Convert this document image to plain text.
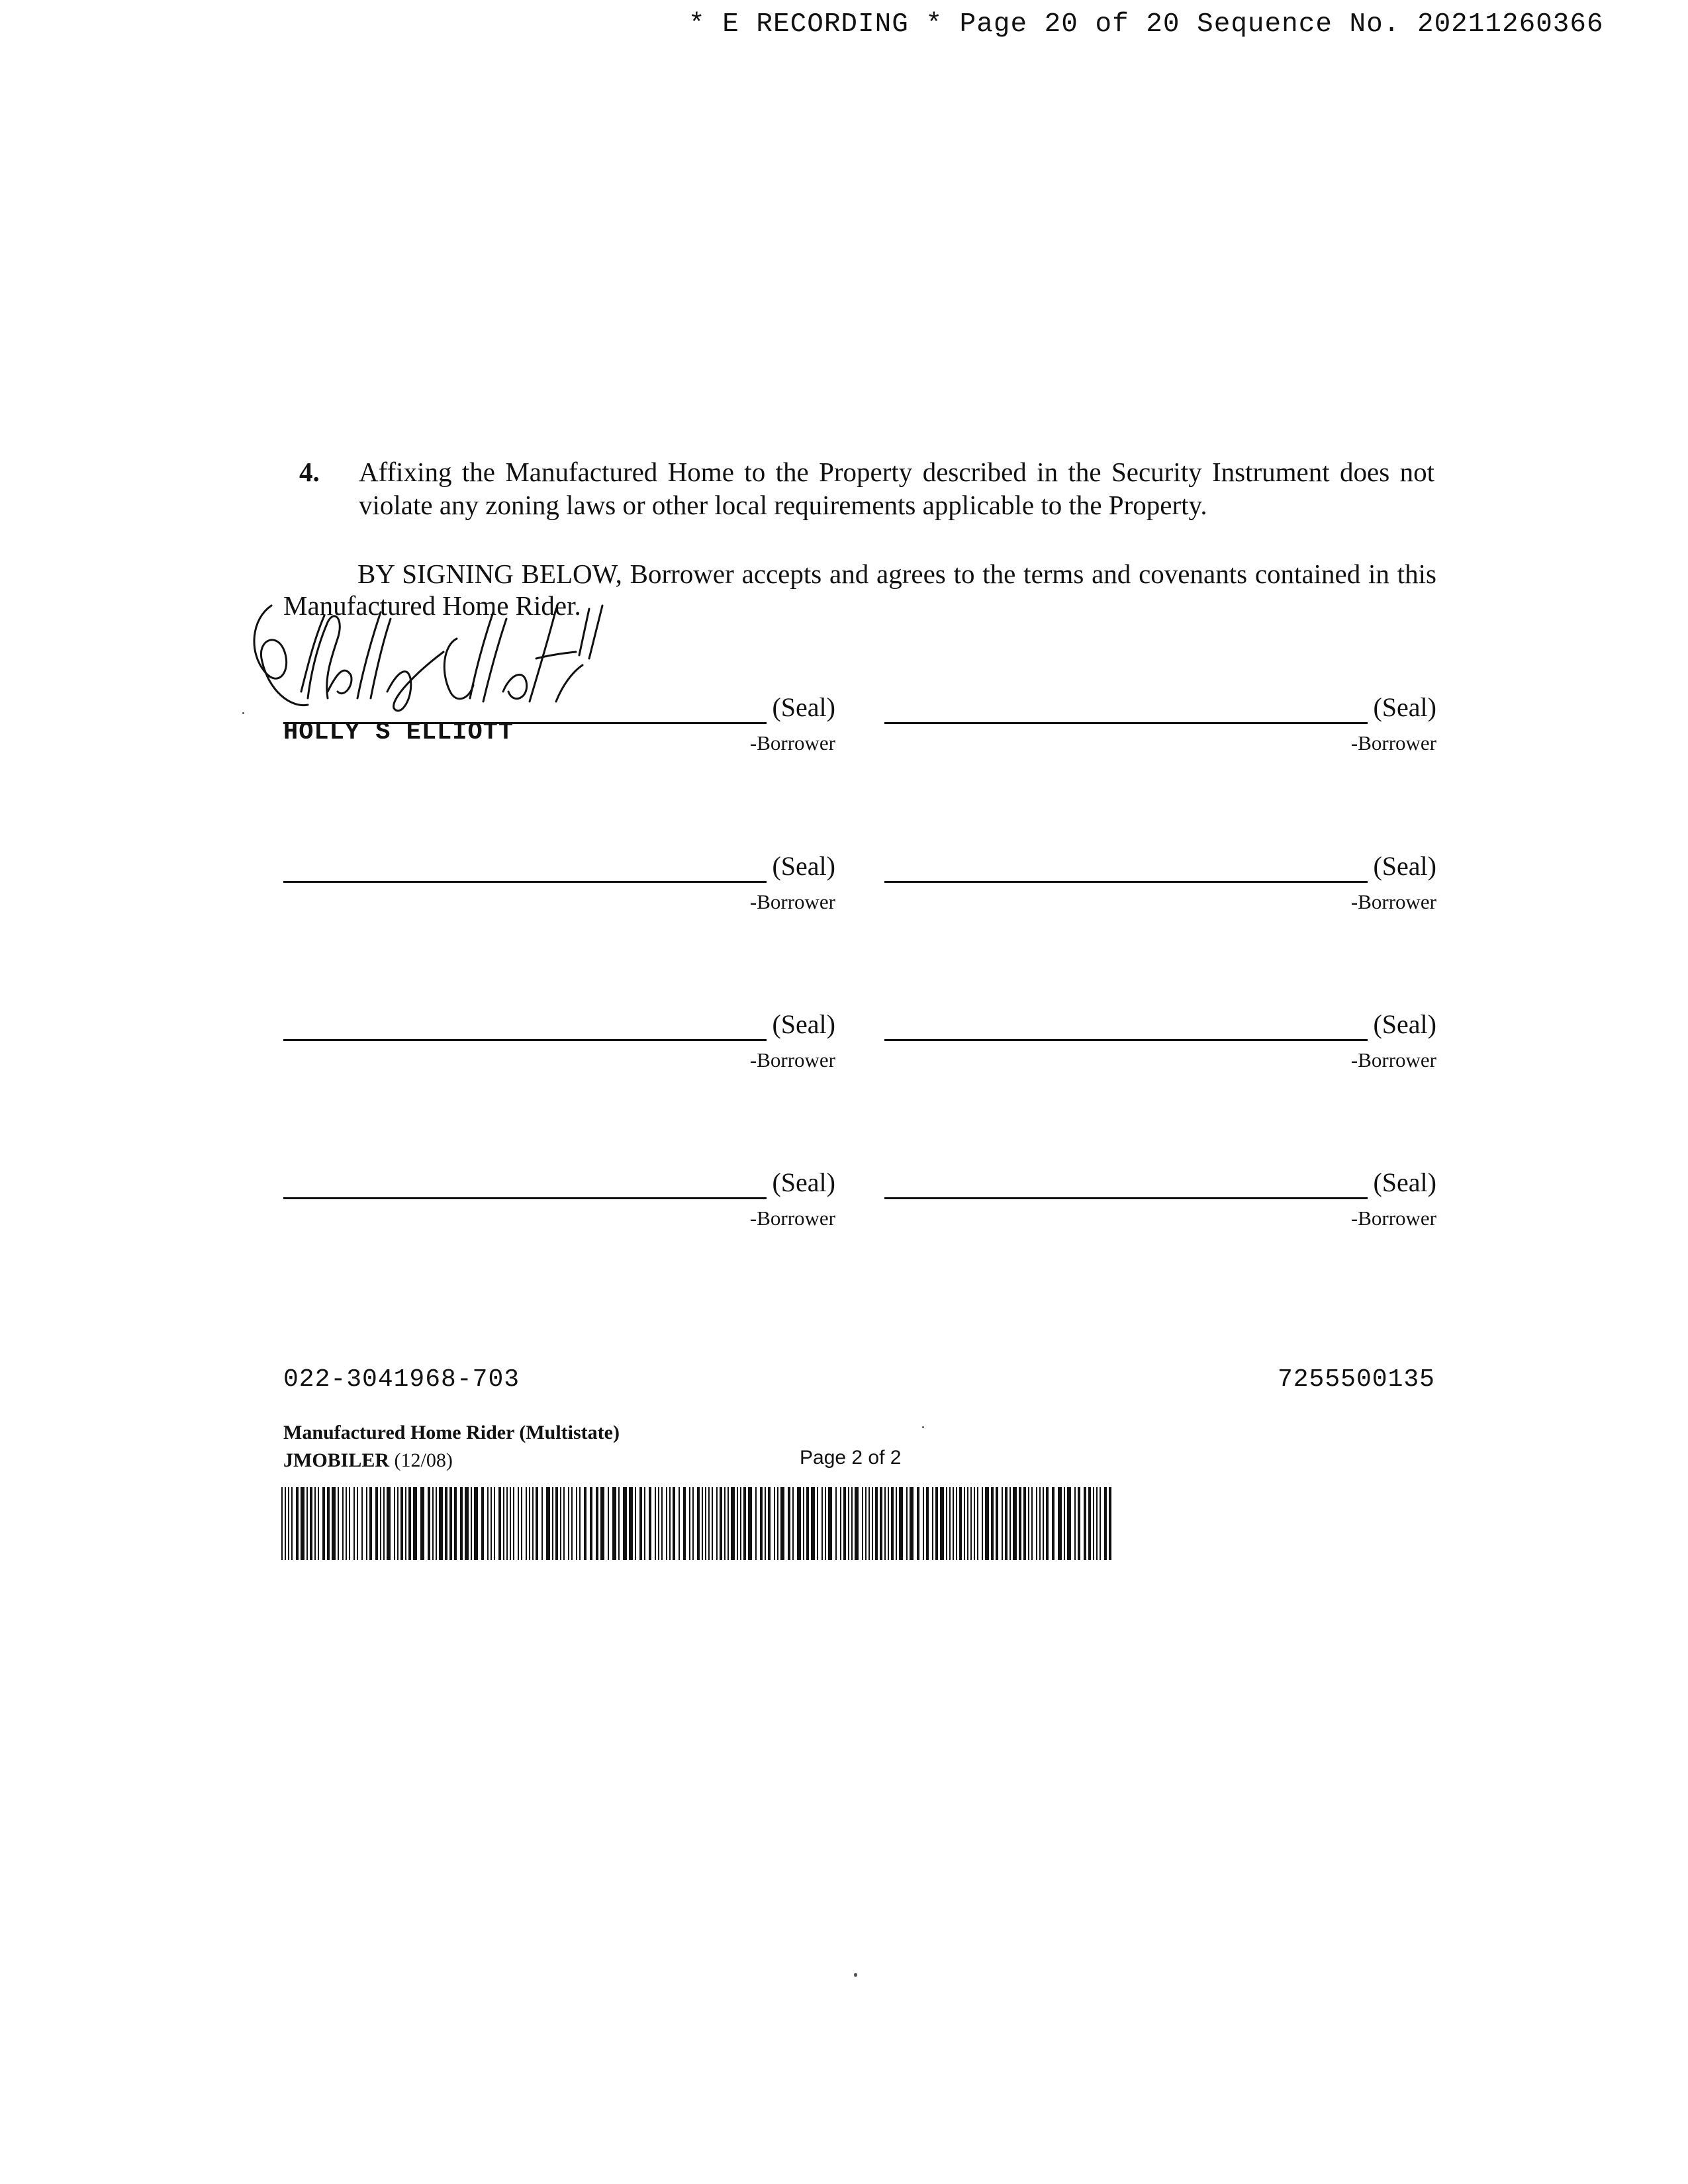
* E RECORDING * Page 20 of 20 Sequence No. 20211260366
4. Affixing the Manufactured Home to the Property described in the Security Instrument does not violate any zoning laws or other local requirements applicable to the Property.
BY SIGNING BELOW, Borrower accepts and agrees to the terms and covenants contained in this Manufactured Home Rider.
(Seal)
-Borrower
(Seal)
-Borrower
HOLLY S ELLIOTT
(Seal)
-Borrower
(Seal)
-Borrower
(Seal)
-Borrower
(Seal)
-Borrower
(Seal)
-Borrower
(Seal)
-Borrower
022-3041968-703	7255500135
Manufactured Home Rider (Multistate)
JMOBILER (12/08)	Page 2 of 2
